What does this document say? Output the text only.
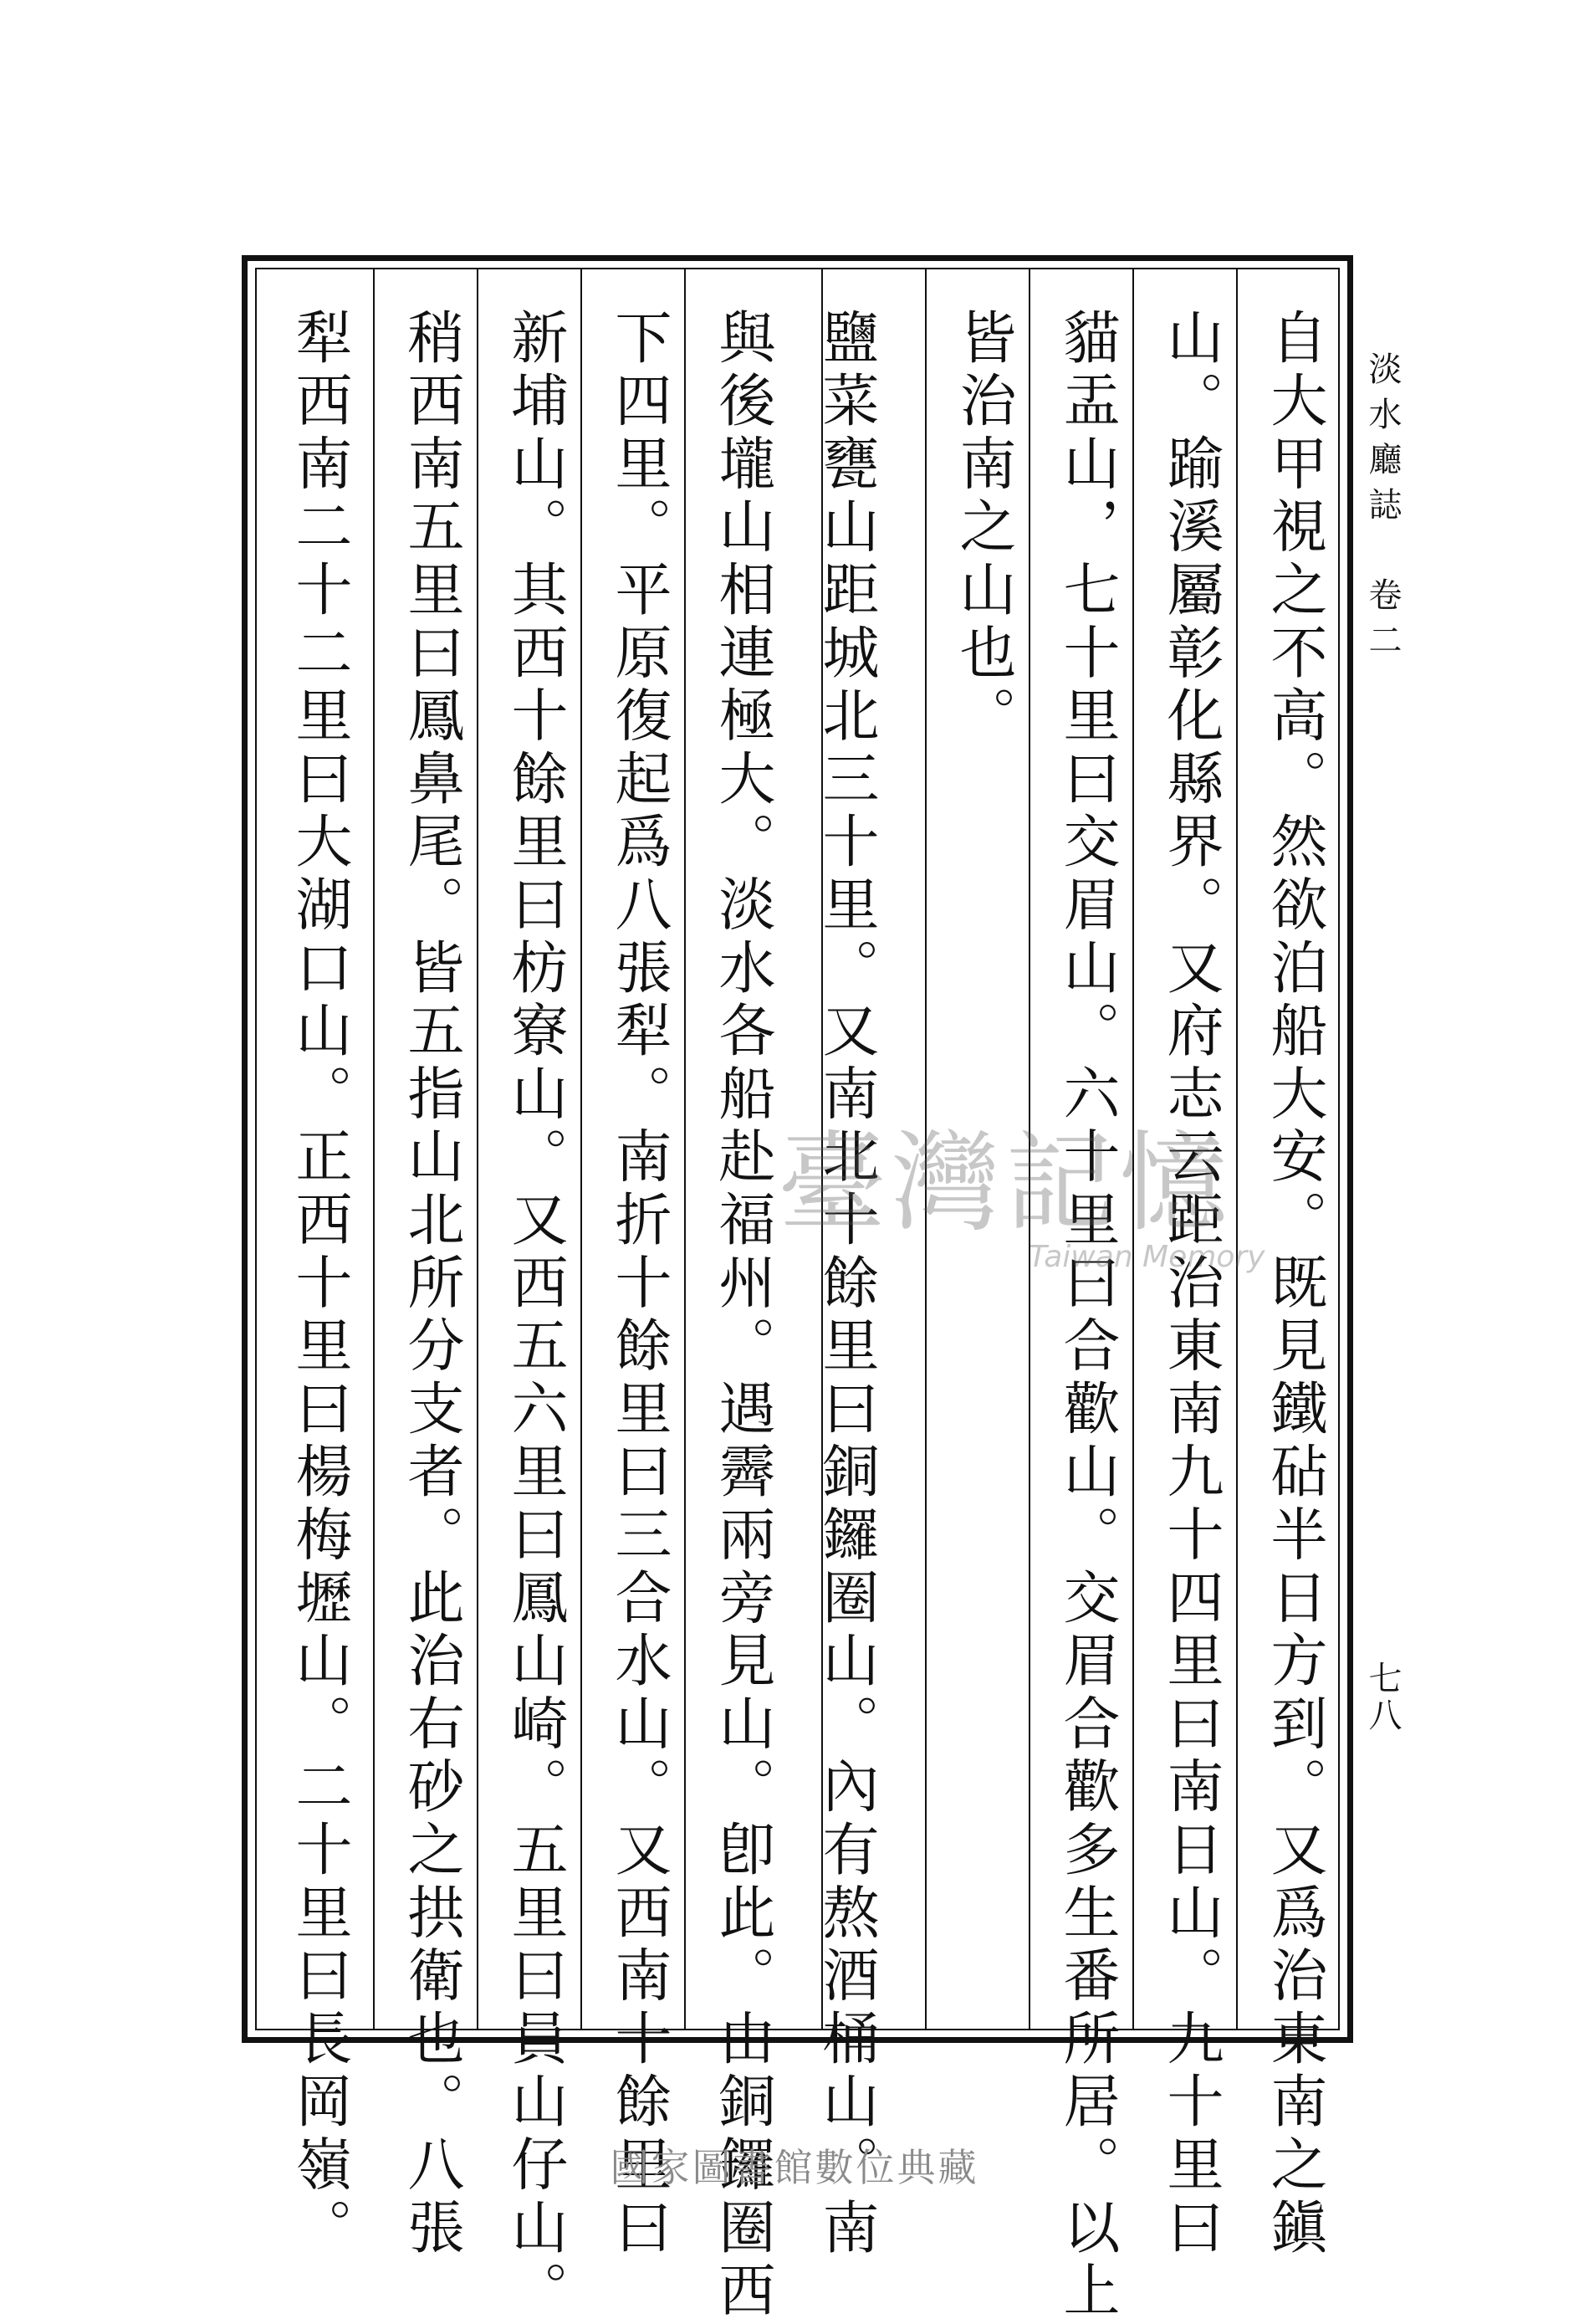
自大甲視之不高。然欲泊船大安。既見鐵砧半日方到。又爲治東南之鎭
山。踰溪屬彰化縣界。又府志云距治東南九十四里曰南日山。九十里曰
貓盂山，七十里曰交眉山。六十里曰合歡山。交眉合歡多生番所居。以上
皆治南之山也。
鹽菜甕山距城北三十里。又南北十餘里曰銅鑼圈山。內有熬酒桶山。南
與後壠山相連極大。淡水各船赴福州。遇霽兩旁見山。卽此。由銅鑼圈西
下四里。平原復起爲八張犁。南折十餘里曰三合水山。又西南十餘里曰
新埔山。其西十餘里曰枋寮山。又西五六里曰鳳山崎。五里曰員山仔山。
稍西南五里曰鳳鼻尾。皆五指山北所分支者。此治右砂之拱衛也。八張
犁西南二十二里曰大湖口山。正西十里曰楊梅壢山。二十里曰長岡嶺。	淡水廳誌　卷二
七八
臺灣記憶
Taiwan Memory
國家圖書館數位典藏
